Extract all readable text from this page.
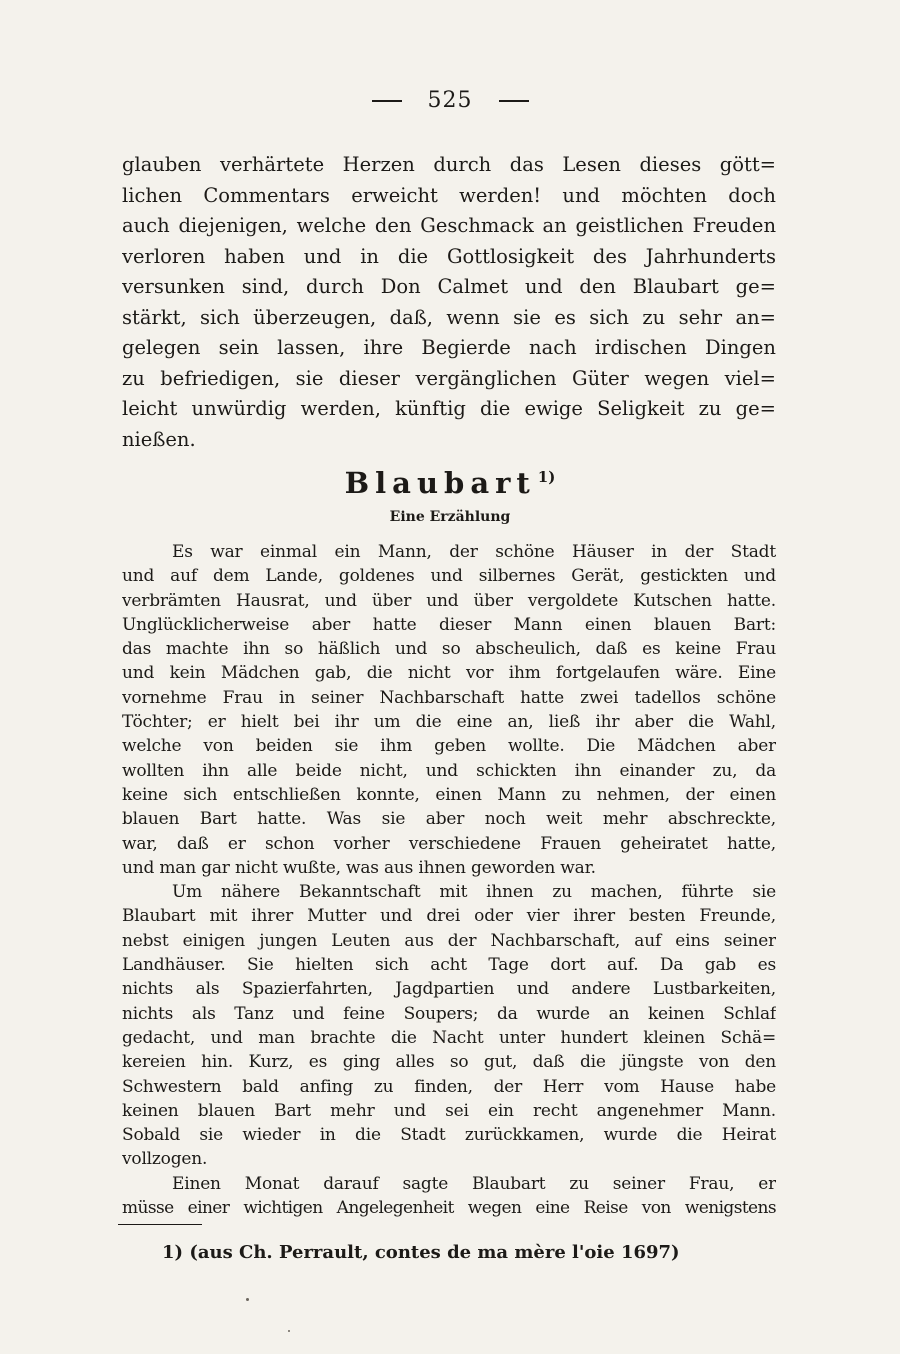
525
glauben verhärtete Herzen durch das Lesen dieses gött=
lichen Commentars erweicht werden! und möchten doch
auch diejenigen, welche den Geschmack an geistlichen Freuden
verloren haben und in die Gottlosigkeit des Jahrhunderts
versunken sind, durch Don Calmet und den Blaubart ge=
stärkt, sich überzeugen, daß, wenn sie es sich zu sehr an=
gelegen sein lassen, ihre Begierde nach irdischen Dingen
zu befriedigen, sie dieser vergänglichen Güter wegen viel=
leicht unwürdig werden, künftig die ewige Seligkeit zu ge=
nießen.
Blaubart $^{1)}$
Eine Erzählung
Es war einmal ein Mann, der schöne Häuser in der Stadt
und auf dem Lande, goldenes und silbernes Gerät, gestickten und
verbrämten Hausrat, und über und über vergoldete Kutschen hatte.
Unglücklicherweise aber hatte dieser Mann einen blauen Bart:
das machte ihn so häßlich und so abscheulich, daß es keine Frau
und kein Mädchen gab, die nicht vor ihm fortgelaufen wäre. Eine
vornehme Frau in seiner Nachbarschaft hatte zwei tadellos schöne
Töchter; er hielt bei ihr um die eine an, ließ ihr aber die Wahl,
welche von beiden sie ihm geben wollte. Die Mädchen aber
wollten ihn alle beide nicht, und schickten ihn einander zu, da
keine sich entschließen konnte, einen Mann zu nehmen, der einen
blauen Bart hatte. Was sie aber noch weit mehr abschreckte,
war, daß er schon vorher verschiedene Frauen geheiratet hatte,
und man gar nicht wußte, was aus ihnen geworden war.
Um nähere Bekanntschaft mit ihnen zu machen, führte sie
Blaubart mit ihrer Mutter und drei oder vier ihrer besten Freunde,
nebst einigen jungen Leuten aus der Nachbarschaft, auf eins seiner
Landhäuser. Sie hielten sich acht Tage dort auf. Da gab es
nichts als Spazierfahrten, Jagdpartien und andere Lustbarkeiten,
nichts als Tanz und feine Soupers; da wurde an keinen Schlaf
gedacht, und man brachte die Nacht unter hundert kleinen Schä=
kereien hin. Kurz, es ging alles so gut, daß die jüngste von den
Schwestern bald anfing zu finden, der Herr vom Hause habe
keinen blauen Bart mehr und sei ein recht angenehmer Mann.
Sobald sie wieder in die Stadt zurückkamen, wurde die Heirat
vollzogen.
Einen Monat darauf sagte Blaubart zu seiner Frau, er
müsse einer wichtigen Angelegenheit wegen eine Reise von wenigstens
1) (aus Ch. Perrault, contes de ma mère l'oie 1697)
